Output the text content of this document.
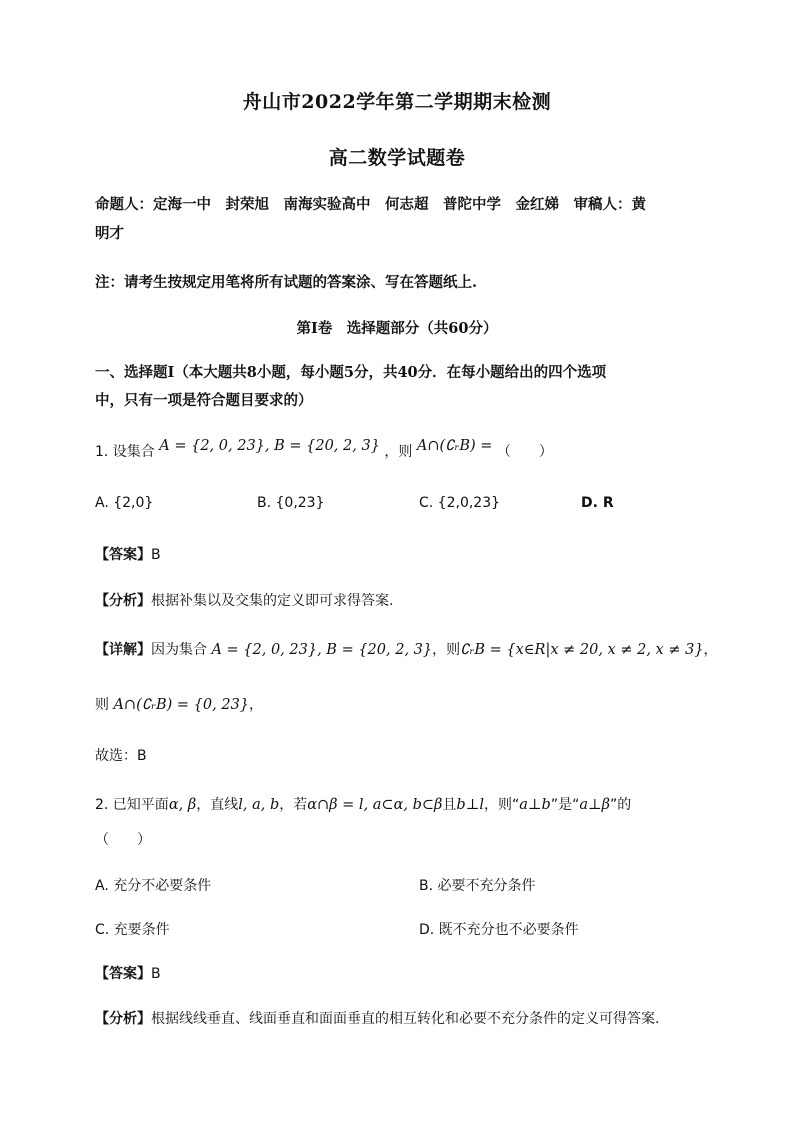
舟山市2022学年第二学期期末检测
高二数学试题卷
命题人：定海一中　封荣旭　南海实验高中　何志超　普陀中学　金红娣　审稿人：黄
明才
注：请考生按规定用笔将所有试题的答案涂、写在答题纸上.
第Ⅰ卷　选择题部分（共60分）
一、选择题Ⅰ（本大题共8小题，每小题5分，共40分．在每小题给出的四个选项
中，只有一项是符合题目要求的）
1. 设集合 A = {2, 0, 23}, B = {20, 2, 3} ，则 A∩(∁ᵣB) = （　　）
A. {2,0}	B. {0,23}	C. {2,0,23}	D. R
【答案】B
【分析】根据补集以及交集的定义即可求得答案.
【详解】因为集合 A = {2, 0, 23}, B = {20, 2, 3}，则∁ᵣB = {x∈R|x ≠ 20, x ≠ 2, x ≠ 3}，
则 A∩(∁ᵣB) = {0, 23}，
故选：B
2. 已知平面α, β，直线l, a, b，若α∩β = l, a⊂α, b⊂β且b⊥l，则“a⊥b”是“a⊥β”的
（　　）
A. 充分不必要条件	B. 必要不充分条件
C. 充要条件	D. 既不充分也不必要条件
【答案】B
【分析】根据线线垂直、线面垂直和面面垂直的相互转化和必要不充分条件的定义可得答案.
